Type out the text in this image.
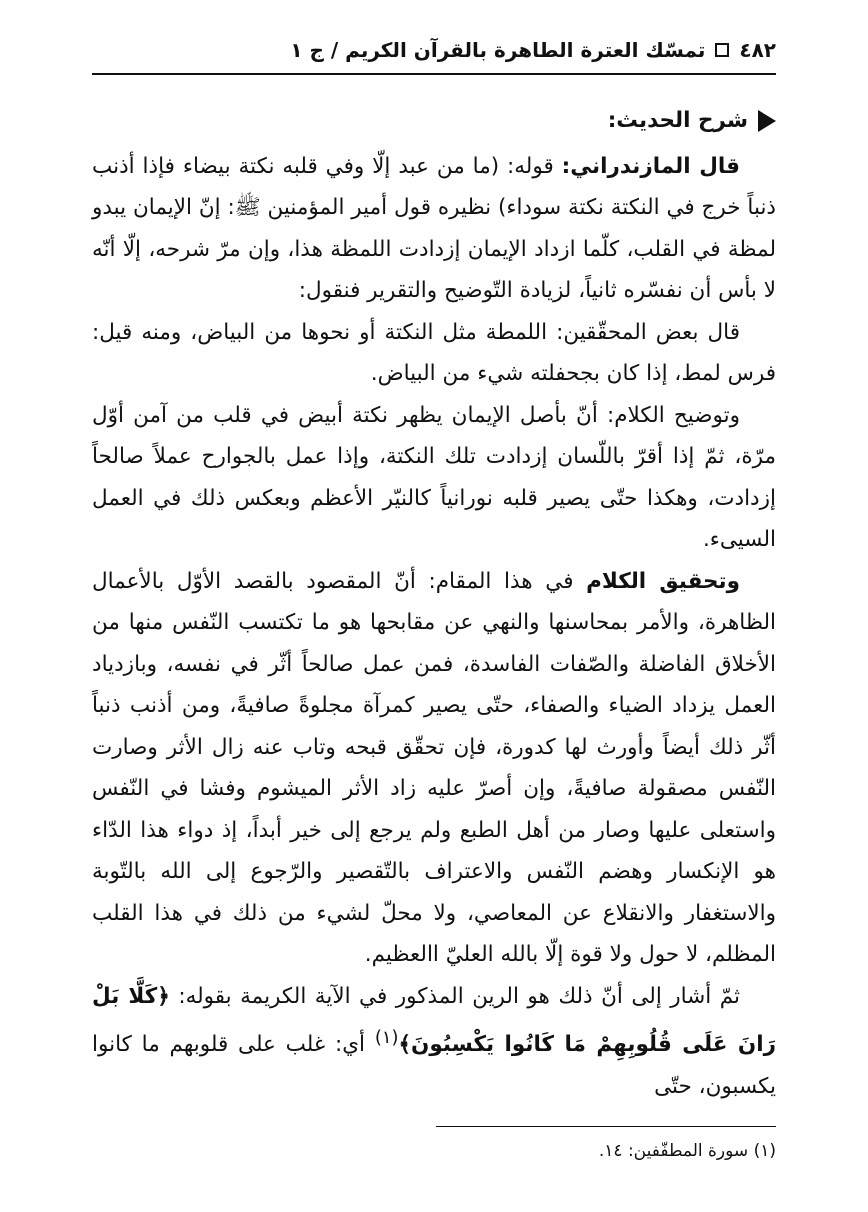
٤٨٢
تمسّك العترة الطاهرة بالقرآن الكريم / ج ١

شرح الحديث:

قال المازندراني: قوله: (ما من عبد إلّا وفي قلبه نكتة بيضاء فإذا أذنب ذنباً خرج في النكتة نكتة سوداء) نظيره قول أمير المؤمنين ﷺ: إنّ الإيمان يبدو لمظة في القلب، كلّما ازداد الإيمان إزدادت اللمظة هذا، وإن مرّ شرحه، إلّا أنّه لا بأس أن نفسّره ثانياً، لزيادة التّوضيح والتقرير فنقول:

قال بعض المحقّقين: اللمطة مثل النكتة أو نحوها من البياض، ومنه قيل: فرس لمط، إذا كان بجحفلته شيء من البياض.

وتوضيح الكلام: أنّ بأصل الإيمان يظهر نكتة أبيض في قلب من آمن أوّل مرّة، ثمّ إذا أقرّ باللّسان إزدادت تلك النكتة، وإذا عمل بالجوارح عملاً صالحاً إزدادت، وهكذا حتّى يصير قلبه نورانياً كالنيّر الأعظم وبعكس ذلك في العمل السيىء.

وتحقيق الكلام في هذا المقام: أنّ المقصود بالقصد الأوّل بالأعمال الظاهرة، والأمر بمحاسنها والنهي عن مقابحها هو ما تكتسب النّفس منها من الأخلاق الفاضلة والصّفات الفاسدة، فمن عمل صالحاً أثّر في نفسه، وبازدياد العمل يزداد الضياء والصفاء، حتّى يصير كمرآة مجلوةً صافيةً، ومن أذنب ذنباً أثّر ذلك أيضاً وأورث لها كدورة، فإن تحقّق قبحه وتاب عنه زال الأثر وصارت النّفس مصقولة صافيةً، وإن أصرّ عليه زاد الأثر الميشوم وفشا في النّفس واستعلى عليها وصار من أهل الطبع ولم يرجع إلى خير أبداً، إذ دواء هذا الدّاء هو الإنكسار وهضم النّفس والاعتراف بالتّقصير والرّجوع إلى الله بالتّوبة والاستغفار والانقلاع عن المعاصي، ولا محلّ لشيء من ذلك في هذا القلب المظلم، لا حول ولا قوة إلّا بالله العليّ االعظيم.

ثمّ أشار إلى أنّ ذلك هو الرين المذكور في الآية الكريمة بقوله: ﴿كَلَّا بَلْ رَانَ عَلَى قُلُوبِهِمْ مَا كَانُوا يَكْسِبُونَ﴾$^{(١)}$ أي: غلب على قلوبهم ما كانوا يكسبون، حتّى

(١) سورة المطفّفين: ١٤.
